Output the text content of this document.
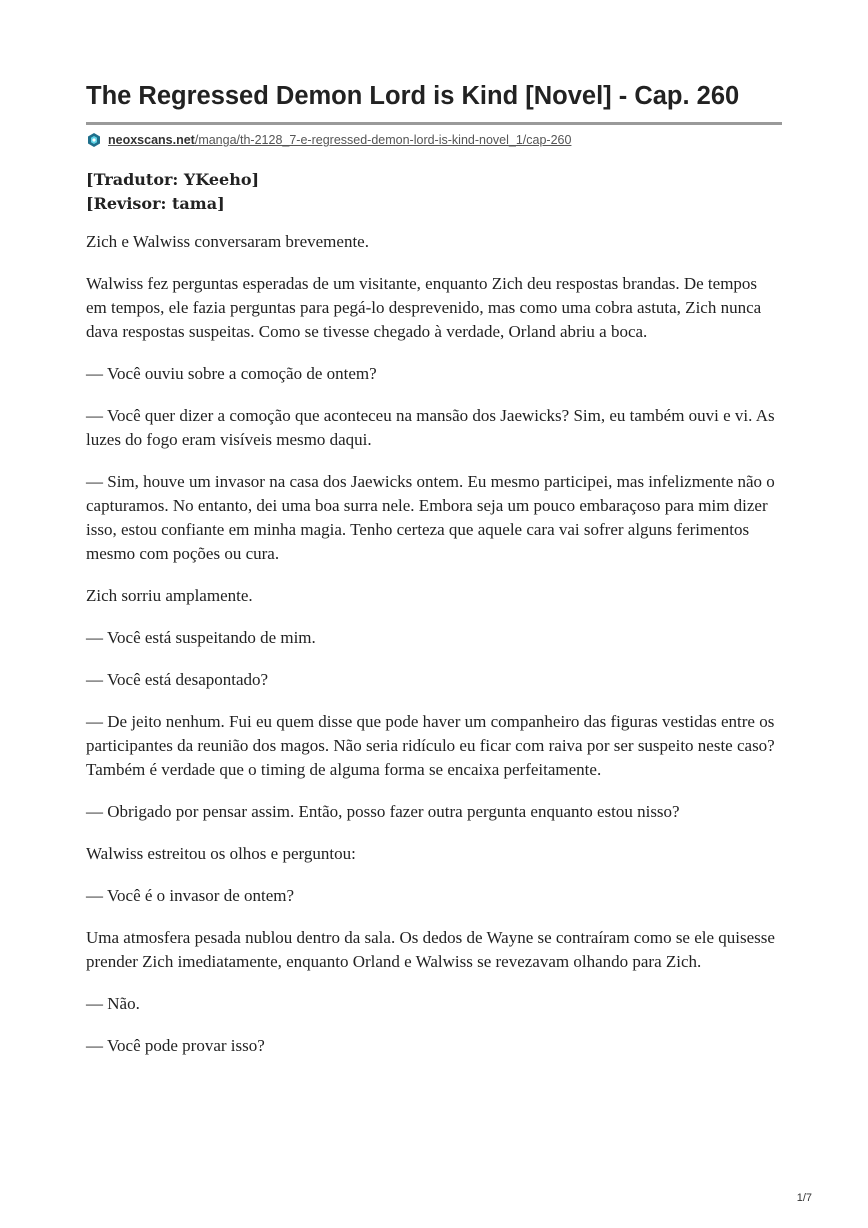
The Regressed Demon Lord is Kind [Novel] - Cap. 260
neoxscans.net/manga/th-2128_7-e-regressed-demon-lord-is-kind-novel_1/cap-260
[Tradutor: YKeeho]
[Revisor: tama]

Zich e Walwiss conversaram brevemente.

Walwiss fez perguntas esperadas de um visitante, enquanto Zich deu respostas brandas. De tempos em tempos, ele fazia perguntas para pegá-lo desprevenido, mas como uma cobra astuta, Zich nunca dava respostas suspeitas. Como se tivesse chegado à verdade, Orland abriu a boca.

— Você ouviu sobre a comoção de ontem?

— Você quer dizer a comoção que aconteceu na mansão dos Jaewicks? Sim, eu também ouvi e vi. As luzes do fogo eram visíveis mesmo daqui.

— Sim, houve um invasor na casa dos Jaewicks ontem. Eu mesmo participei, mas infelizmente não o capturamos. No entanto, dei uma boa surra nele. Embora seja um pouco embaraçoso para mim dizer isso, estou confiante em minha magia. Tenho certeza que aquele cara vai sofrer alguns ferimentos mesmo com poções ou cura.

Zich sorriu amplamente.

— Você está suspeitando de mim.

— Você está desapontado?

— De jeito nenhum. Fui eu quem disse que pode haver um companheiro das figuras vestidas entre os participantes da reunião dos magos. Não seria ridículo eu ficar com raiva por ser suspeito neste caso? Também é verdade que o timing de alguma forma se encaixa perfeitamente.

— Obrigado por pensar assim. Então, posso fazer outra pergunta enquanto estou nisso?

Walwiss estreitou os olhos e perguntou:

— Você é o invasor de ontem?

Uma atmosfera pesada nublou dentro da sala. Os dedos de Wayne se contraíram como se ele quisesse prender Zich imediatamente, enquanto Orland e Walwiss se revezavam olhando para Zich.

— Não.

— Você pode provar isso?

1/7
